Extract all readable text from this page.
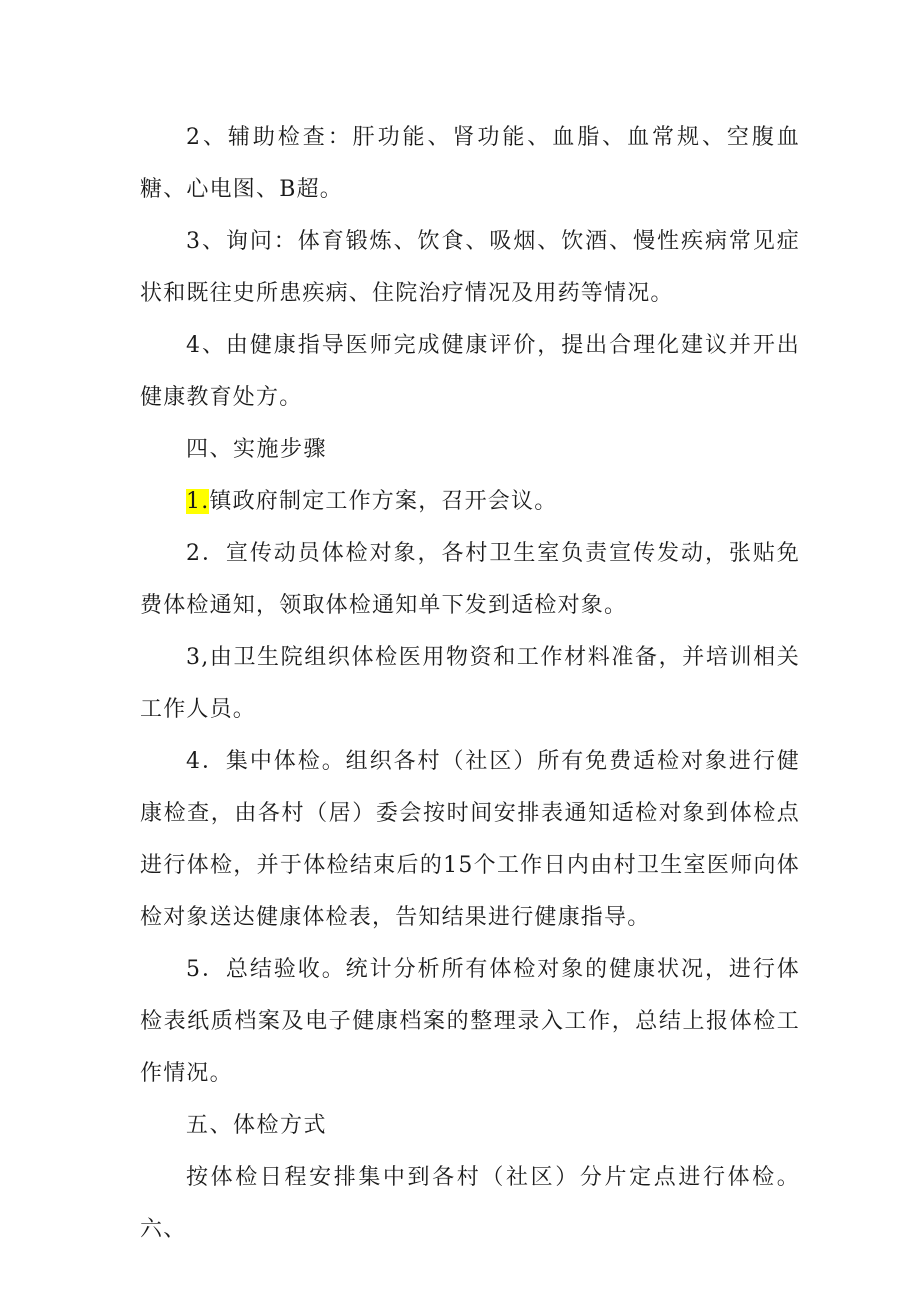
2、辅助检查：肝功能、肾功能、血脂、血常规、空腹血糖、心电图、B超。

3、询问：体育锻炼、饮食、吸烟、饮酒、慢性疾病常见症状和既往史所患疾病、住院治疗情况及用药等情况。

4、由健康指导医师完成健康评价，提出合理化建议并开出健康教育处方。

四、实施步骤

1.镇政府制定工作方案，召开会议。

2．宣传动员体检对象，各村卫生室负责宣传发动，张贴免费体检通知，领取体检通知单下发到适检对象。

3,由卫生院组织体检医用物资和工作材料准备，并培训相关工作人员。

4．集中体检。组织各村（社区）所有免费适检对象进行健康检查，由各村（居）委会按时间安排表通知适检对象到体检点进行体检，并于体检结束后的15个工作日内由村卫生室医师向体检对象送达健康体检表，告知结果进行健康指导。

5．总结验收。统计分析所有体检对象的健康状况，进行体检表纸质档案及电子健康档案的整理录入工作，总结上报体检工作情况。

五、体检方式

按体检日程安排集中到各村（社区）分片定点进行体检。六、
